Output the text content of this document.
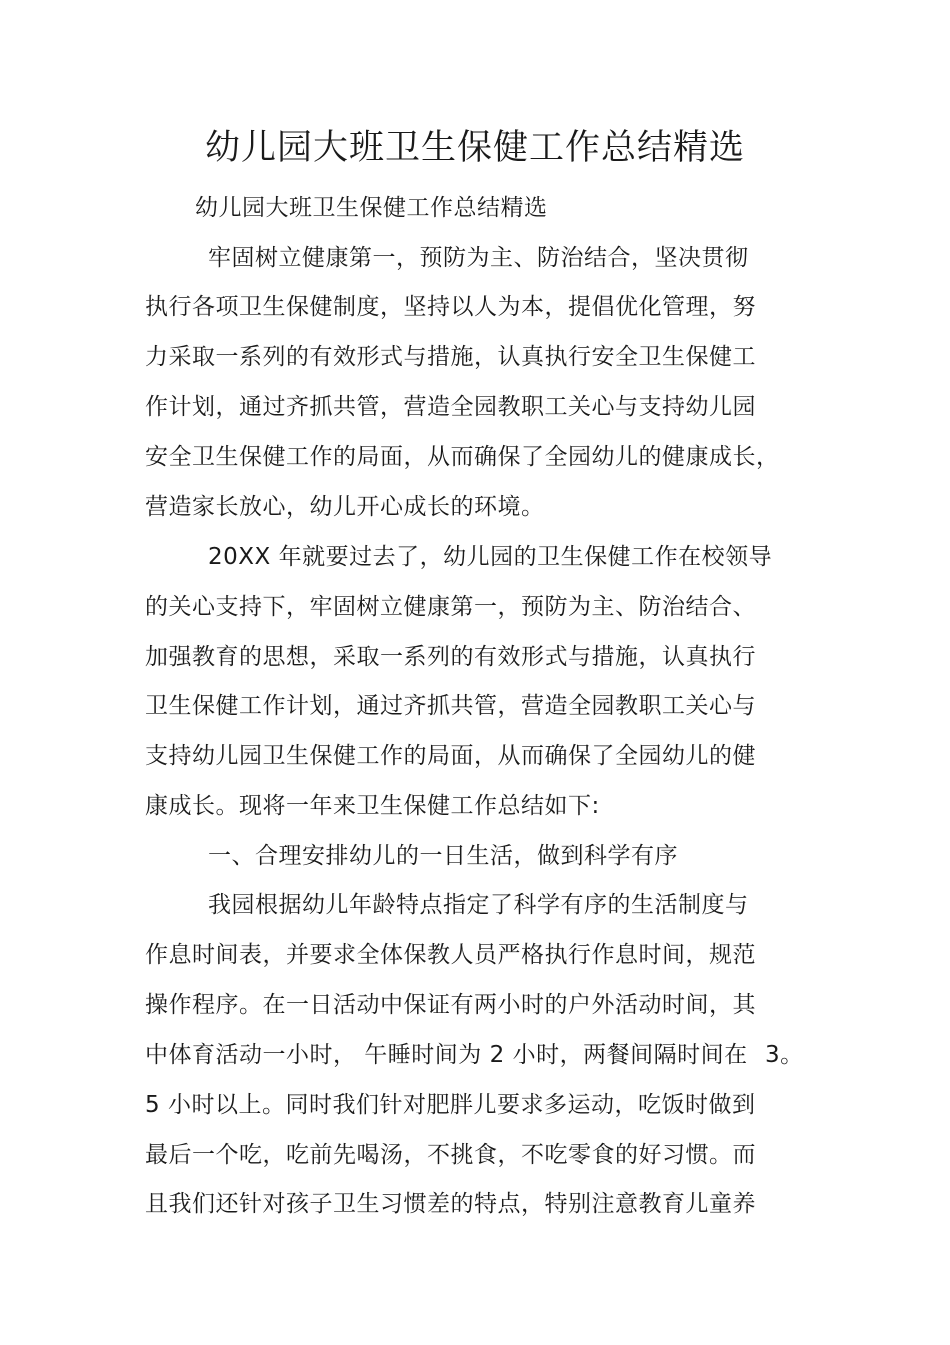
幼儿园大班卫生保健工作总结精选
幼儿园大班卫生保健工作总结精选
牢固树立健康第一，预防为主、防治结合，坚决贯彻
执行各项卫生保健制度，坚持以人为本，提倡优化管理，努
力采取一系列的有效形式与措施，认真执行安全卫生保健工
作计划，通过齐抓共管，营造全园教职工关心与支持幼儿园
安全卫生保健工作的局面，从而确保了全园幼儿的健康成长，
营造家长放心，幼儿开心成长的环境。
20XX 年就要过去了，幼儿园的卫生保健工作在校领导
的关心支持下，牢固树立健康第一，预防为主、防治结合、
加强教育的思想，采取一系列的有效形式与措施，认真执行
卫生保健工作计划，通过齐抓共管，营造全园教职工关心与
支持幼儿园卫生保健工作的局面，从而确保了全园幼儿的健
康成长。现将一年来卫生保健工作总结如下:
一、合理安排幼儿的一日生活，做到科学有序
我园根据幼儿年龄特点指定了科学有序的生活制度与
作息时间表，并要求全体保教人员严格执行作息时间，规范
操作程序。在一日活动中保证有两小时的户外活动时间，其
中体育活动一小时， 午睡时间为 2 小时，两餐间隔时间在 3。
5 小时以上。同时我们针对肥胖儿要求多运动，吃饭时做到
最后一个吃，吃前先喝汤，不挑食，不吃零食的好习惯。而
且我们还针对孩子卫生习惯差的特点，特别注意教育儿童养
